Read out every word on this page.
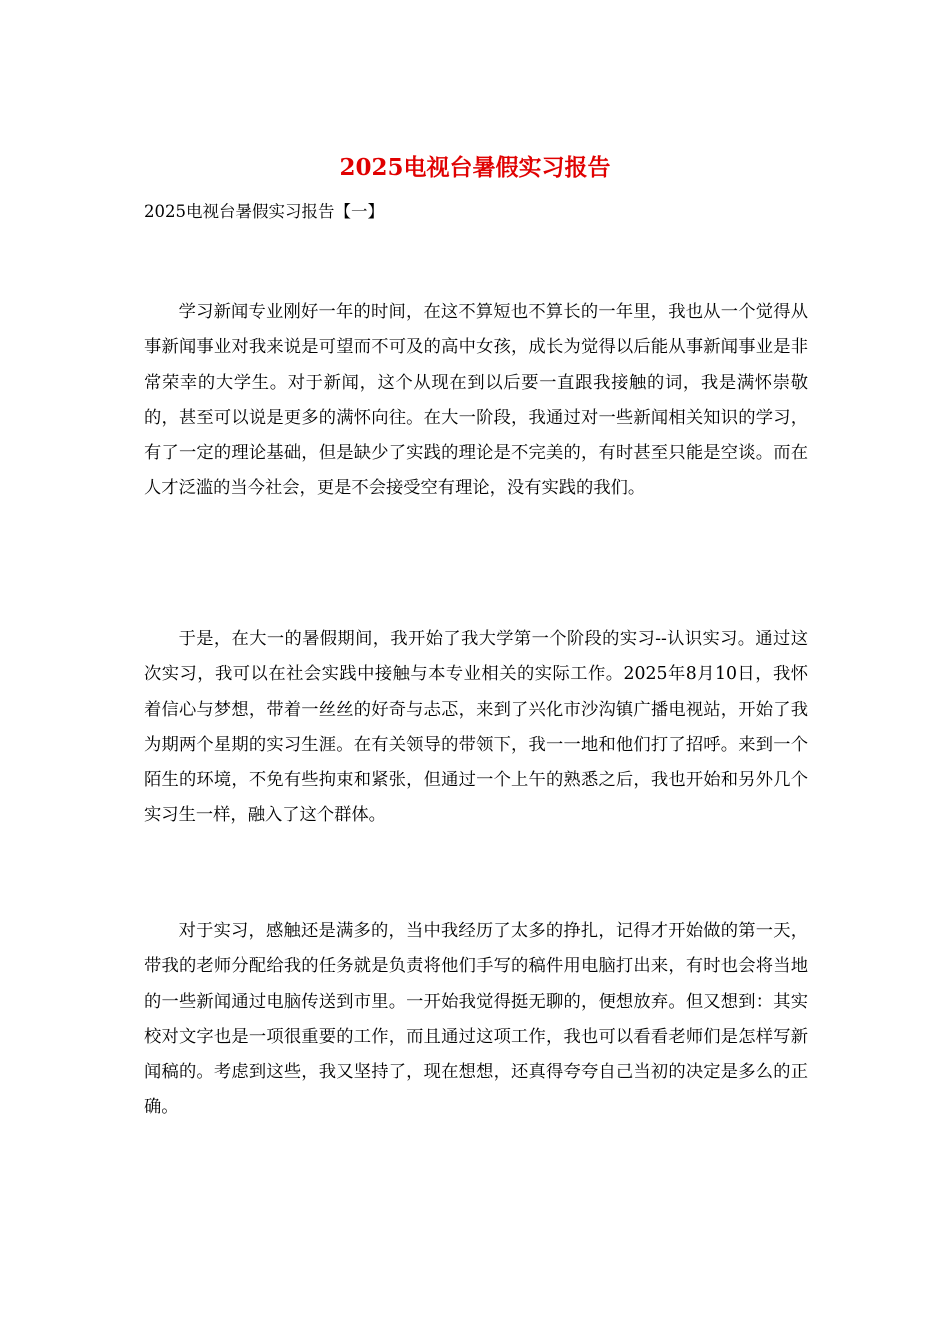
2025电视台暑假实习报告
2025电视台暑假实习报告【一】

学习新闻专业刚好一年的时间，在这不算短也不算长的一年里，我也从一个觉得从事新闻事业对我来说是可望而不可及的高中女孩，成长为觉得以后能从事新闻事业是非常荣幸的大学生。对于新闻，这个从现在到以后要一直跟我接触的词，我是满怀崇敬的，甚至可以说是更多的满怀向往。在大一阶段，我通过对一些新闻相关知识的学习，有了一定的理论基础，但是缺少了实践的理论是不完美的，有时甚至只能是空谈。而在人才泛滥的当今社会，更是不会接受空有理论，没有实践的我们。

于是，在大一的暑假期间，我开始了我大学第一个阶段的实习--认识实习。通过这次实习，我可以在社会实践中接触与本专业相关的实际工作。2025年8月10日，我怀着信心与梦想，带着一丝丝的好奇与忐忑，来到了兴化市沙沟镇广播电视站，开始了我为期两个星期的实习生涯。在有关领导的带领下，我一一地和他们打了招呼。来到一个陌生的环境，不免有些拘束和紧张，但通过一个上午的熟悉之后，我也开始和另外几个实习生一样，融入了这个群体。

对于实习，感触还是满多的，当中我经历了太多的挣扎，记得才开始做的第一天，带我的老师分配给我的任务就是负责将他们手写的稿件用电脑打出来，有时也会将当地的一些新闻通过电脑传送到市里。一开始我觉得挺无聊的，便想放弃。但又想到：其实校对文字也是一项很重要的工作，而且通过这项工作，我也可以看看老师们是怎样写新闻稿的。考虑到这些，我又坚持了，现在想想，还真得夸夸自己当初的决定是多么的正确。
